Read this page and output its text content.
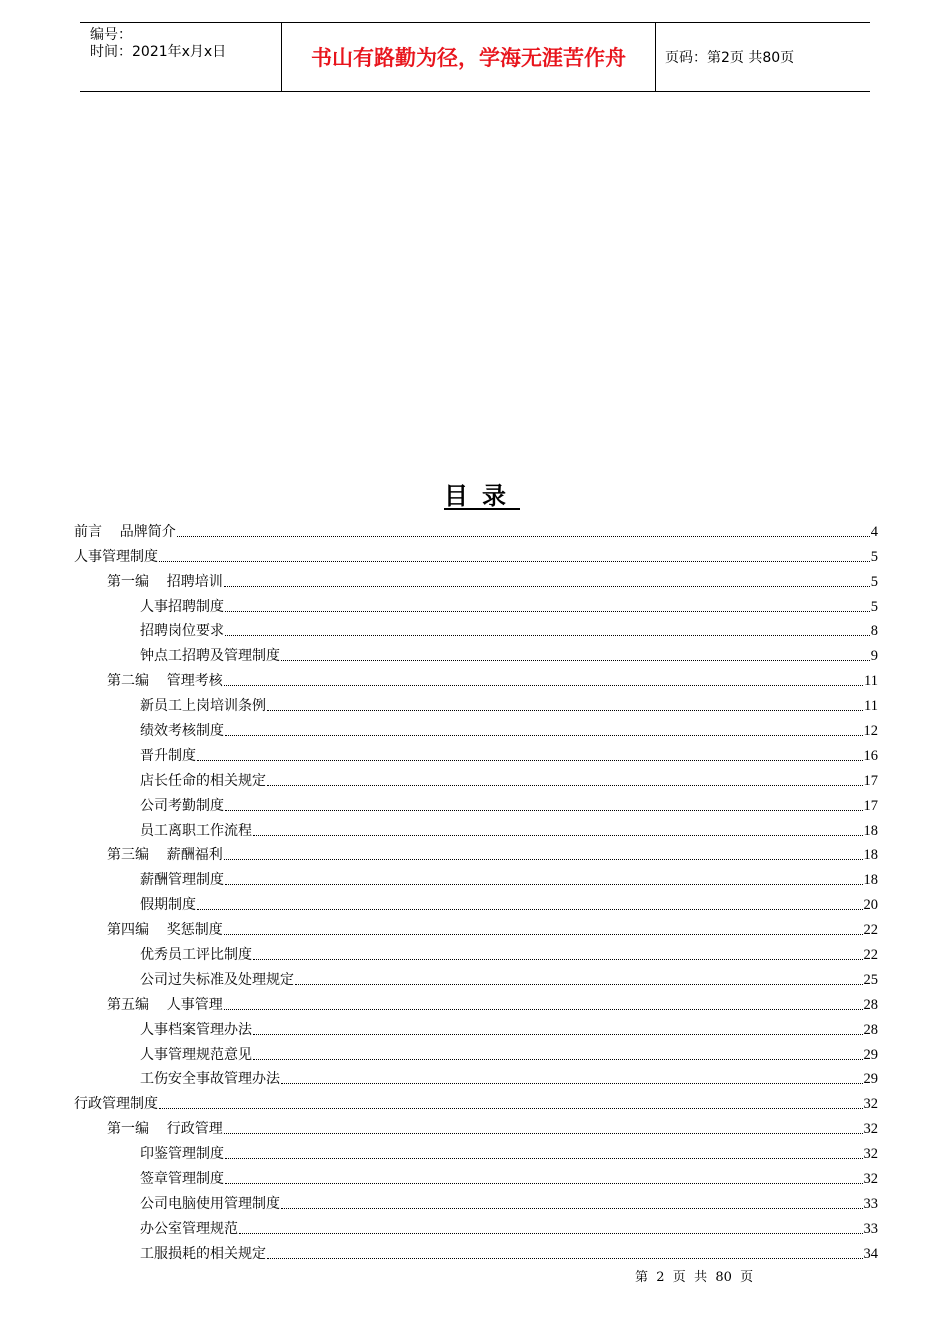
编号：
时间：2021年x月x日	书山有路勤为径，学海无涯苦作舟	页码：第2页 共80页
目录
前言    品牌简介	4
人事管理制度	5
第一编    招聘培训	5
人事招聘制度	5
招聘岗位要求	8
钟点工招聘及管理制度	9
第二编    管理考核	11
新员工上岗培训条例	11
绩效考核制度	12
晋升制度	16
店长任命的相关规定	17
公司考勤制度	17
员工离职工作流程	18
第三编    薪酬福利	18
薪酬管理制度	18
假期制度	20
第四编    奖惩制度	22
优秀员工评比制度	22
公司过失标准及处理规定	25
第五编    人事管理	28
人事档案管理办法	28
人事管理规范意见	29
工伤安全事故管理办法	29
行政管理制度	32
第一编    行政管理	32
印鉴管理制度	32
签章管理制度	32
公司电脑使用管理制度	33
办公室管理规范	33
工服损耗的相关规定	34
第  2  页  共  80  页
